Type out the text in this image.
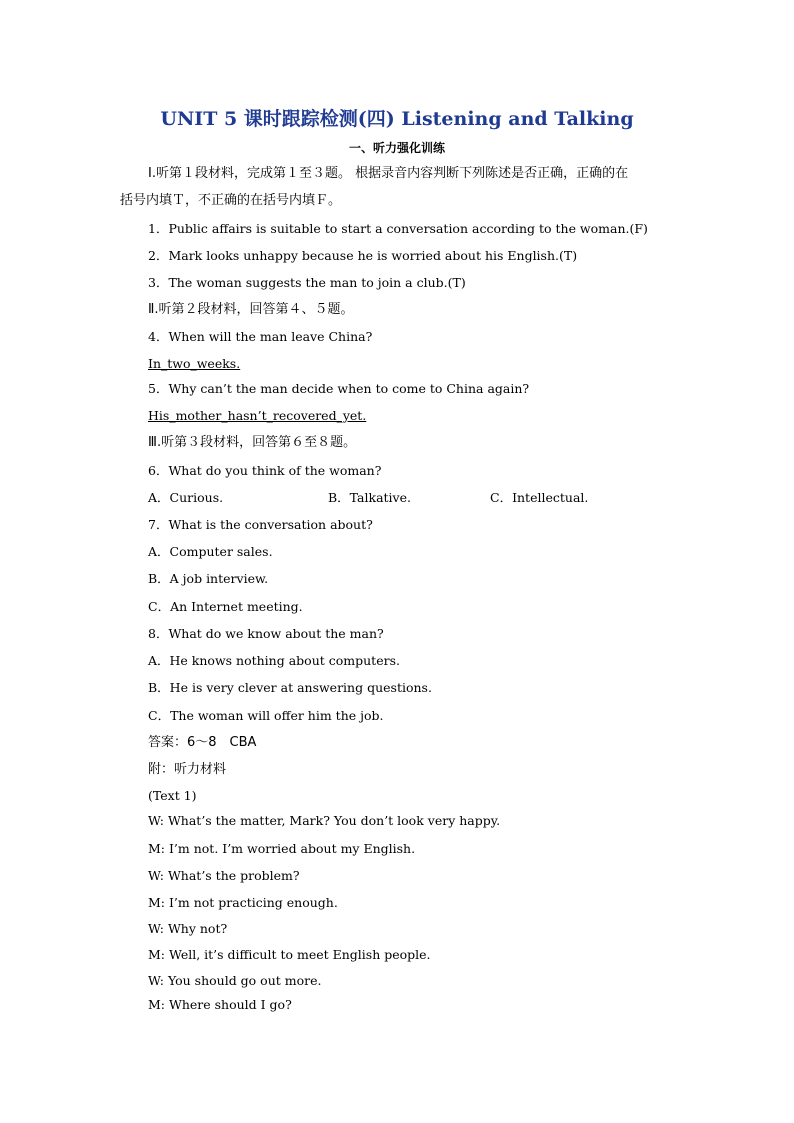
UNIT 5 课时跟踪检测(四) Listening and Talking
一、听力强化训练
Ⅰ.听第１段材料，完成第１至３题。 根据录音内容判断下列陈述是否正确，正确的在
括号内填Ｔ，不正确的在括号内填Ｆ。
1．Public affairs is suitable to start a conversation according to the woman.(F)
2．Mark looks unhappy because he is worried about his English.(T)
3．The woman suggests the man to join a club.(T)
Ⅱ.听第２段材料，回答第４、５题。
4．When will the man leave China?
In_two_weeks.
5．Why can’t the man decide when to come to China again?
His_mother_hasn’t_recovered_yet.
Ⅲ.听第３段材料，回答第６至８题。
6．What do you think of the woman?
A．Curious.	B．Talkative.	C．Intellectual.
7．What is the conversation about?
A．Computer sales.
B．A job interview.
C．An Internet meeting.
8．What do we know about the man?
A．He knows nothing about computers.
B．He is very clever at answering questions.
C．The woman will offer him the job.
答案：6～8　CBA
附：听力材料
(Text 1)
W: What’s the matter, Mark? You don’t look very happy.
M: I’m not. I’m worried about my English.
W: What’s the problem?
M: I’m not practicing enough.
W: Why not?
M: Well, it’s difficult to meet English people.
W: You should go out more.
M: Where should I go?
